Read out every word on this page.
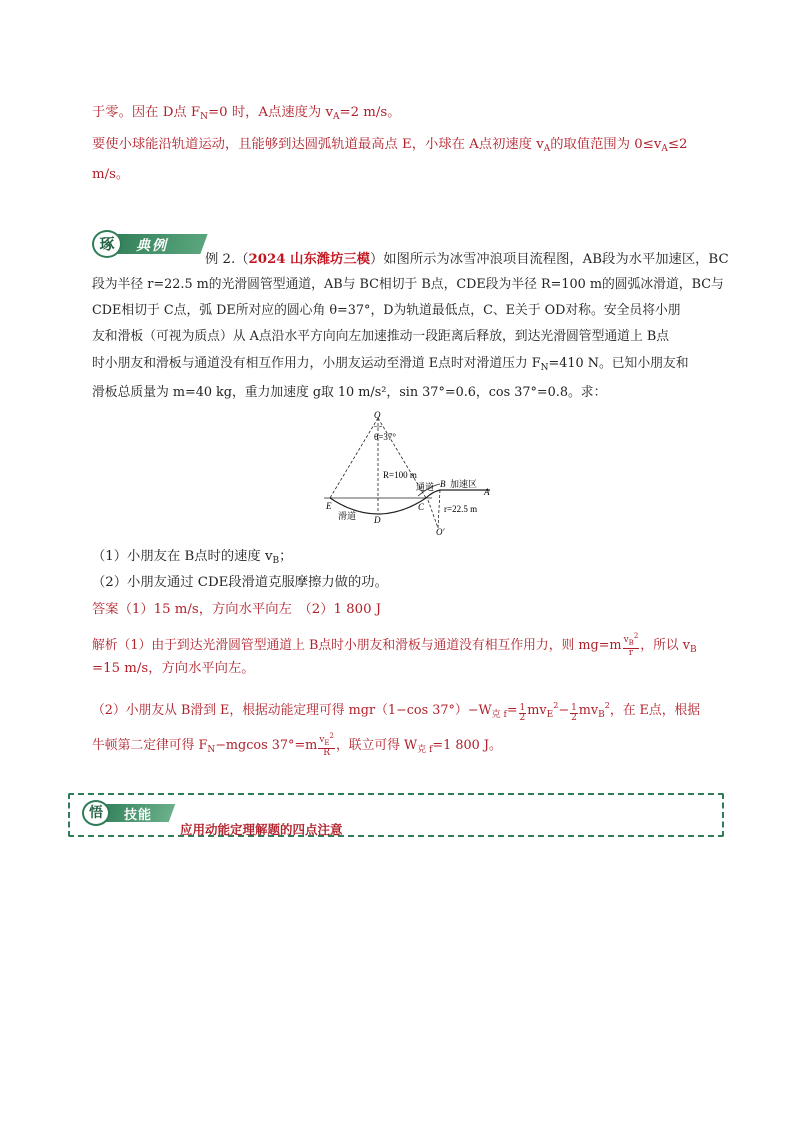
于零。因在 D点 $F_N=0$ 时，A点速度为 $v_A=2$ m/s。
要使小球能沿轨道运动，且能够到达圆弧轨道最高点 E，小球在 A点初速度 $v_A$的取值范围为 $0\le v_A\le 2$
m/s。
琢	典例
例 2.（2024 山东潍坊三模）如图所示为冰雪冲浪项目流程图，AB段为水平加速区，BC
段为半径 r=22.5 m的光滑圆管型通道，AB与 BC相切于 B点，CDE段为半径 R=100 m的圆弧冰滑道，BC与
CDE相切于 C点，弧 DE所对应的圆心角 θ=37°，D为轨道最低点，C、E关于 OD对称。安全员将小朋
友和滑板（可视为质点）从 A点沿水平方向向左加速推动一段距离后释放，到达光滑圆管型通道上 B点
时小朋友和滑板与通道没有相互作用力，小朋友运动至滑道 E点时对滑道压力 $F_N=410$ N。已知小朋友和
滑板总质量为 m=40 kg，重力加速度 g取 10 m/s²，sin 37°=0.6，cos 37°=0.8。求：
O
θ=37°
R=100 m
通道 B 加速区
A
E
D
C
滑道
r=22.5 m
O′
（1）小朋友在 B点时的速度 $v_B$；
（2）小朋友通过 CDE段滑道克服摩擦力做的功。
答案（1）15 m/s，方向水平向左　（2）1 800 J
解析（1）由于到达光滑圆管型通道上 B点时小朋友和滑板与通道没有相互作用力，则 $mg=m \frac{v_B^2}{r}$ ，所以 $v_B$
=15 m/s，方向水平向左。
（2）小朋友从 B滑到 E，根据动能定理可得 mgr（1−cos $37^\circ)-W_{克 f}= \frac{1}{2} mv_E^2- \frac{1}{2} mv_B^2$，在 E点，根据
牛顿第二定律可得 $F_N-mgcos$ $37^\circ=m \frac{v_E^2}{R}$ ，联立可得 $W_{克 f}=1$ 800 J。
悟	技能
应用动能定理解题的四点注意
